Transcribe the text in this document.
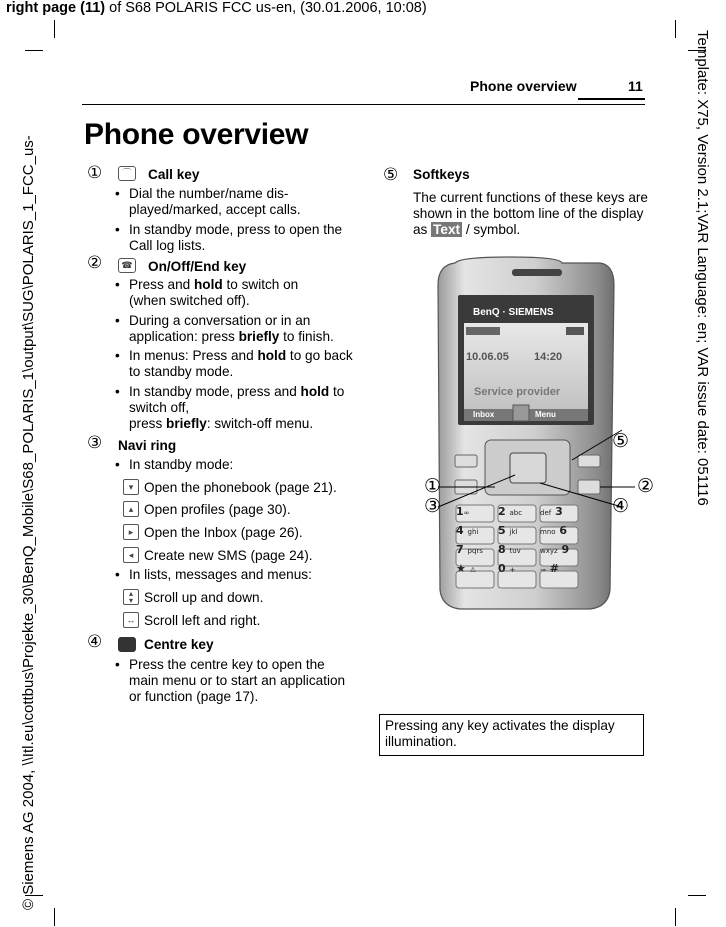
right page (11) of S68 POLARIS FCC us-en, (30.01.2006, 10:08)
Template: X75, Version 2.1;VAR Language: en; VAR issue date: 051116
© Siemens AG 2004, \\Itl.eu\cottbus\Projekte_30\BenQ_Mobile\S68_POLARIS_1\output\SUG\POLARIS_1_FCC_us-
Phone overview	11
Phone overview
①	⌒	Call key
• Dial the number/name dis-played/marked, accept calls.
• In standby mode, press to open the Call log lists.
②	☎ On/Off/End key
• Press and hold to switch on (when switched off).
• During a conversation or in an application: press briefly to finish.
• In menus: Press and hold to go back to standby mode.
• In standby mode, press and hold to switch off,
press briefly: switch-off menu.
③ Navi ring
• In standby mode:
▾ Open the phonebook (page 21).
▴ Open profiles (page 30).
▸ Open the Inbox (page 26).
◂ Create new SMS (page 24).
• In lists, messages and menus:
▴
▾ Scroll up and down.
↔ Scroll left and right.
④	Centre key
• Press the centre key to open the main menu or to start an application or function (page 17).
⑤ Softkeys
The current functions of these keys are shown in the bottom line of the display as Text / symbol.
BenQ · SIEMENS
10.06.05 14:20
Service provider
Inbox	Menu
1∞	2 abc	def 3
4 ghi	5 jkl	mno 6
7 pqrs	8 tuv	wxyz 9
★ ⚠	0 +	⊸ #
⑤
①	②
③	④
Pressing any key activates the display illumination.
